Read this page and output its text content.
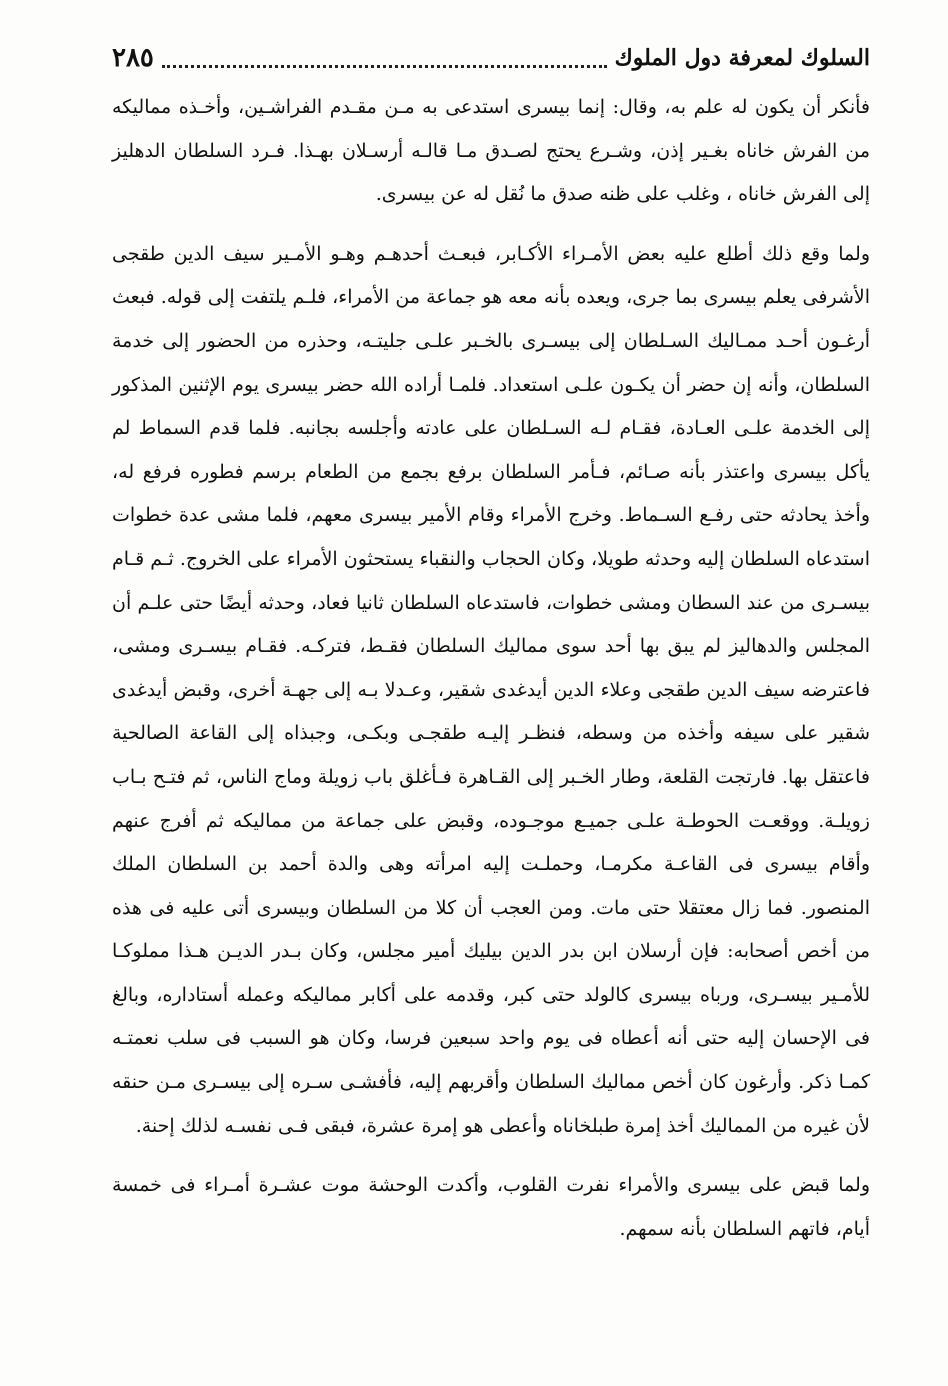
السلوك لمعرفة دول الملوك
٢٨٥

فأنكر أن يكون له علم به، وقال: إنما بيسرى استدعى به مـن مقـدم الفراشـين، وأخـذه مماليكه من الفرش خاناه بغـير إذن، وشـرع يحتج لصـدق مـا قالـه أرسـلان بهـذا. فـرد السلطان الدهليز إلى الفرش خاناه ، وغلب على ظنه صدق ما نُقل له عن بيسرى.

ولما وقع ذلك أطلع عليه بعض الأمـراء الأكـابر، فبعـث أحدهـم وهـو الأمـير سيف الدين طقجى الأشرفى يعلم بيسرى بما جرى، ويعده بأنه معه هو جماعة من الأمراء، فلـم يلتفت إلى قوله. فبعث أرغـون أحـد ممـاليك السـلطان إلى بيسـرى بالخـبر علـى جليتـه، وحذره من الحضور إلى خدمة السلطان، وأنه إن حضر أن يكـون علـى استعداد. فلمـا أراده الله حضر بيسرى يوم الإثنين المذكور إلى الخدمة علـى العـادة، فقـام لـه السـلطان على عادته وأجلسه بجانبه. فلما قدم السماط لم يأكل بيسرى واعتذر بأنه صـائم، فـأمر السلطان برفع بجمع من الطعام برسم فطوره فرفع له، وأخذ يحادثه حتى رفـع السـماط. وخرج الأمراء وقام الأمير بيسرى معهم، فلما مشى عدة خطوات استدعاه السلطان إليه وحدثه طويلا، وكان الحجاب والنقباء يستحثون الأمراء على الخروج. ثـم قـام بيسـرى من عند السطان ومشى خطوات، فاستدعاه السلطان ثانيا فعاد، وحدثه أيضًا حتى علـم أن المجلس والدهاليز لم يبق بها أحد سوى مماليك السلطان فقـط، فتركـه. فقـام بيسـرى ومشى، فاعترضه سيف الدين طقجى وعلاء الدين أيدغدى شقير، وعـدلا بـه إلى جهـة أخرى، وقبض أيدغدى شقير على سيفه وأخذه من وسطه، فنظـر إليـه طقجـى وبكـى، وجبذاه إلى القاعة الصالحية فاعتقل بها. فارتجت القلعة، وطار الخـبر إلى القـاهرة فـأغلق باب زويلة وماج الناس، ثم فتـح بـاب زويلـة. ووقعـت الحوطـة علـى جميـع موجـوده، وقبض على جماعة من مماليكه ثم أفرج عنهم وأقام بيسرى فى القاعـة مكرمـا، وحملـت إليه امرأته وهى والدة أحمد بن السلطان الملك المنصور. فما زال معتقلا حتى مات. ومن العجب أن كلا من السلطان وبيسرى أتى عليه فى هذه من أخص أصحابه: فإن أرسلان ابن بدر الدين بيليك أمير مجلس، وكان بـدر الديـن هـذا مملوكـا للأمـير بيسـرى، ورباه بيسرى كالولد حتى كبر، وقدمه على أكابر مماليكه وعمله أستاداره، وبالغ فى الإحسان إليه حتى أنه أعطاه فى يوم واحد سبعين فرسا، وكان هو السبب فى سلب نعمتـه كمـا ذكر. وأرغون كان أخص مماليك السلطان وأقربهم إليه، فأفشـى سـره إلى بيسـرى مـن حنقه لأن غيره من المماليك أخذ إمرة طبلخاناه وأعطى هو إمرة عشرة، فبقى فـى نفسـه لذلك إحنة.

ولما قبض على بيسرى والأمراء نفرت القلوب، وأكدت الوحشة موت عشـرة أمـراء فى خمسة أيام، فاتهم السلطان بأنه سمهم.
